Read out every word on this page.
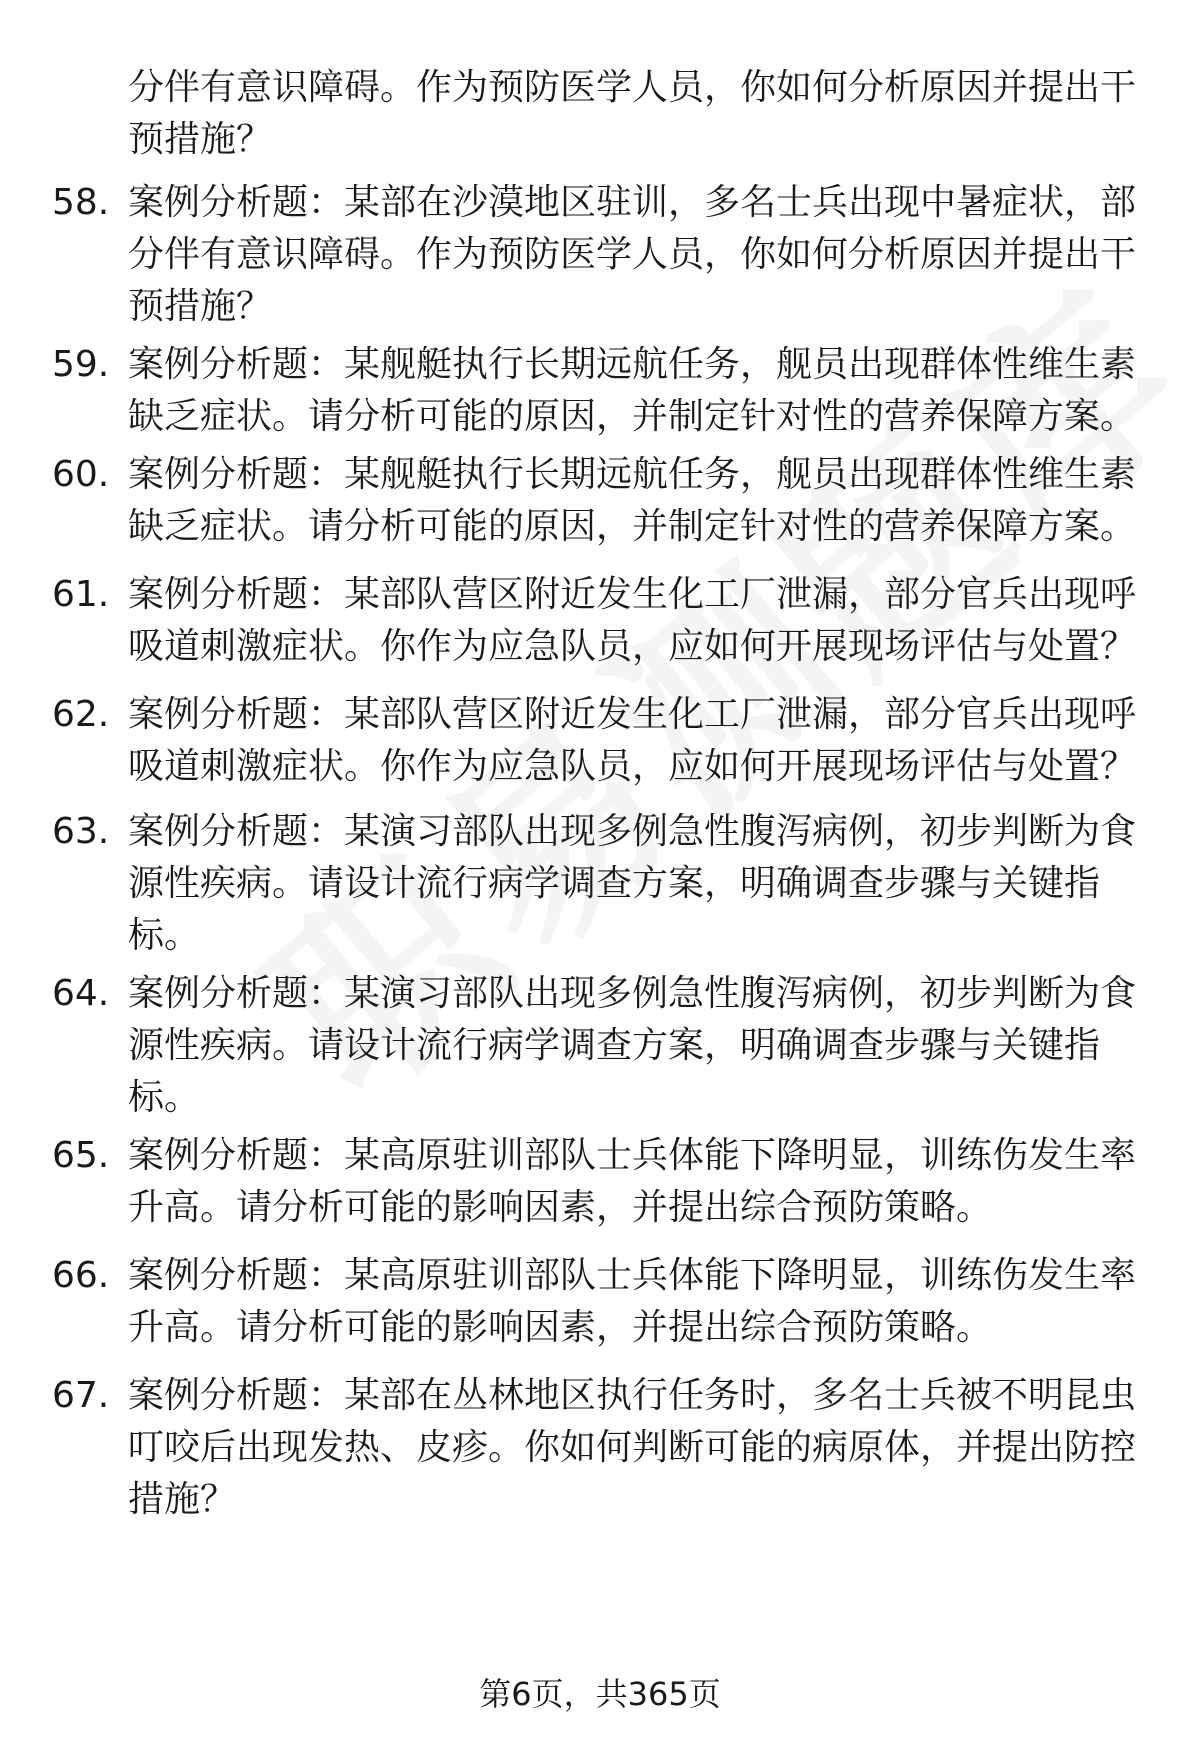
分伴有意识障碍。作为预防医学人员，你如何分析原因并提出干预措施？
58. 案例分析题：某部在沙漠地区驻训，多名士兵出现中暑症状，部分伴有意识障碍。作为预防医学人员，你如何分析原因并提出干预措施？
59. 案例分析题：某舰艇执行长期远航任务，舰员出现群体性维生素缺乏症状。请分析可能的原因，并制定针对性的营养保障方案。
60. 案例分析题：某舰艇执行长期远航任务，舰员出现群体性维生素缺乏症状。请分析可能的原因，并制定针对性的营养保障方案。
61. 案例分析题：某部队营区附近发生化工厂泄漏，部分官兵出现呼吸道刺激症状。你作为应急队员，应如何开展现场评估与处置？
62. 案例分析题：某部队营区附近发生化工厂泄漏，部分官兵出现呼吸道刺激症状。你作为应急队员，应如何开展现场评估与处置？
63. 案例分析题：某演习部队出现多例急性腹泻病例，初步判断为食源性疾病。请设计流行病学调查方案，明确调查步骤与关键指标。
64. 案例分析题：某演习部队出现多例急性腹泻病例，初步判断为食源性疾病。请设计流行病学调查方案，明确调查步骤与关键指标。
65. 案例分析题：某高原驻训部队士兵体能下降明显，训练伤发生率升高。请分析可能的影响因素，并提出综合预防策略。
66. 案例分析题：某高原驻训部队士兵体能下降明显，训练伤发生率升高。请分析可能的影响因素，并提出综合预防策略。
67. 案例分析题：某部在丛林地区执行任务时，多名士兵被不明昆虫叮咬后出现发热、皮疹。你如何判断可能的病原体，并提出防控措施？
第6页，共365页
